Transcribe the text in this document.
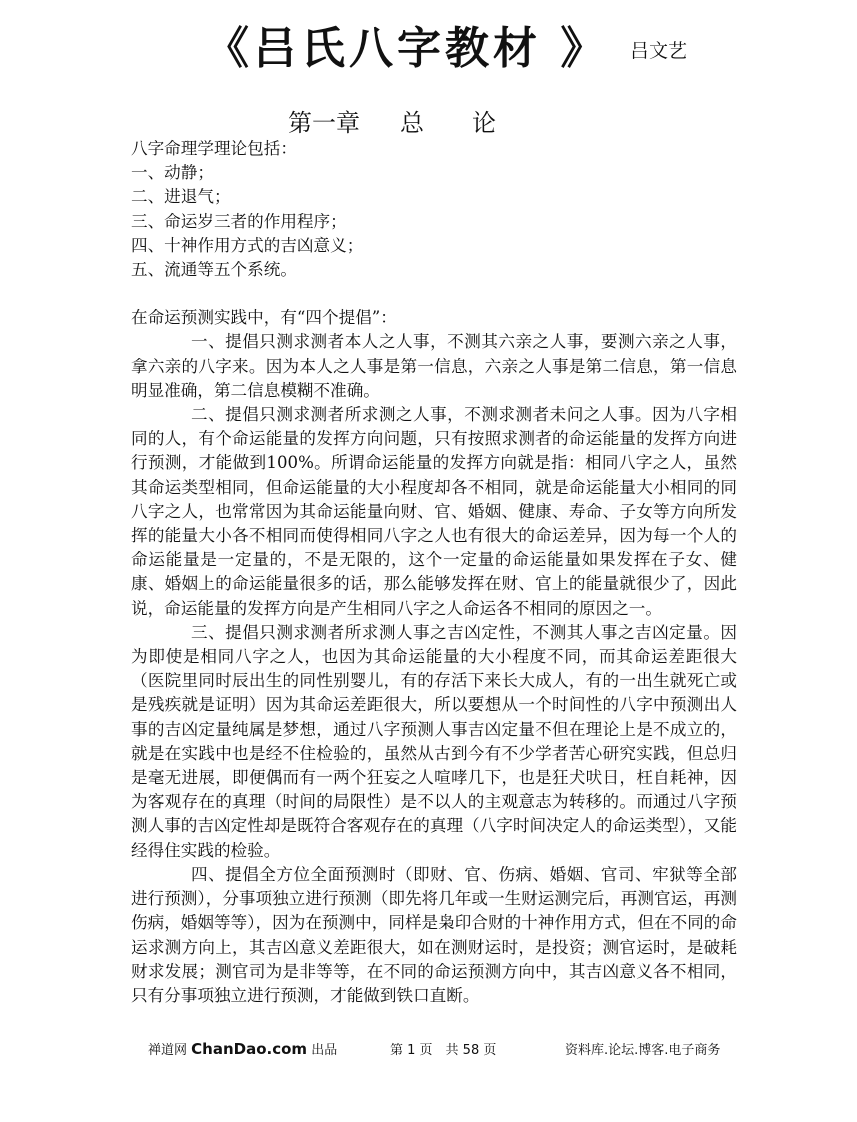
《吕氏八字教材 》 吕文艺
第一章 总　　论

八字命理学理论包括：

一、动静；

二、进退气；

三、命运岁三者的作用程序；

四、十神作用方式的吉凶意义；

五、流通等五个系统。

在命运预测实践中，有“四个提倡”：

一、提倡只测求测者本人之人事，不测其六亲之人事，要测六亲之人事，拿六亲的八字来。因为本人之人事是第一信息，六亲之人事是第二信息，第一信息明显准确，第二信息模糊不准确。

二、提倡只测求测者所求测之人事，不测求测者未问之人事。因为八字相同的人，有个命运能量的发挥方向问题，只有按照求测者的命运能量的发挥方向进行预测，才能做到100%。所谓命运能量的发挥方向就是指：相同八字之人，虽然其命运类型相同，但命运能量的大小程度却各不相同，就是命运能量大小相同的同八字之人，也常常因为其命运能量向财、官、婚姻、健康、寿命、子女等方向所发挥的能量大小各不相同而使得相同八字之人也有很大的命运差异，因为每一个人的命运能量是一定量的，不是无限的，这个一定量的命运能量如果发挥在子女、健康、婚姻上的命运能量很多的话，那么能够发挥在财、官上的能量就很少了，因此说，命运能量的发挥方向是产生相同八字之人命运各不相同的原因之一。

三、提倡只测求测者所求测人事之吉凶定性，不测其人事之吉凶定量。因为即使是相同八字之人，也因为其命运能量的大小程度不同，而其命运差距很大（医院里同时辰出生的同性别婴儿，有的存活下来长大成人，有的一出生就死亡或是残疾就是证明）因为其命运差距很大，所以要想从一个时间性的八字中预测出人事的吉凶定量纯属是梦想，通过八字预测人事吉凶定量不但在理论上是不成立的，就是在实践中也是经不住检验的，虽然从古到今有不少学者苦心研究实践，但总归是毫无进展，即便偶而有一两个狂妄之人喧哮几下，也是狂犬吠日，枉自耗神，因为客观存在的真理（时间的局限性）是不以人的主观意志为转移的。而通过八字预测人事的吉凶定性却是既符合客观存在的真理（八字时间决定人的命运类型），又能经得住实践的检验。

四、提倡全方位全面预测时（即财、官、伤病、婚姻、官司、牢狱等全部进行预测），分事项独立进行预测（即先将几年或一生财运测完后，再测官运，再测伤病，婚姻等等），因为在预测中，同样是枭印合财的十神作用方式，但在不同的命运求测方向上，其吉凶意义差距很大，如在测财运时，是投资；测官运时，是破耗财求发展；测官司为是非等等，在不同的命运预测方向中，其吉凶意义各不相同，只有分事项独立进行预测，才能做到铁口直断。

禅道网 ChanDao.com 出品	第 1 页　共 58 页	资料库.论坛.博客.电子商务
